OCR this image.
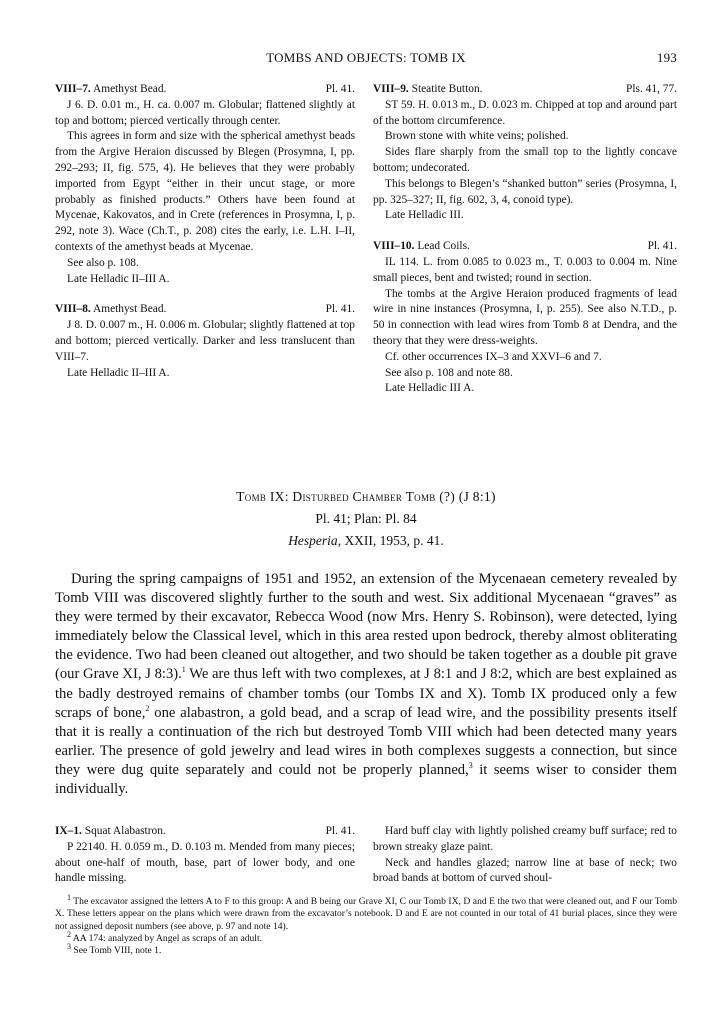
TOMBS AND OBJECTS: TOMB IX	193
VIII–7. Amethyst Bead.	Pl. 41.
J 6. D. 0.01 m., H. ca. 0.007 m. Globular; flattened slightly at top and bottom; pierced vertically through center.
This agrees in form and size with the spherical amethyst beads from the Argive Heraion discussed by Blegen (Prosymna, I, pp. 292–293; II, fig. 575, 4). He believes that they were probably imported from Egypt “either in their uncut stage, or more probably as finished products.” Others have been found at Mycenae, Kakovatos, and in Crete (references in Prosymna, I, p. 292, note 3). Wace (Ch.T., p. 208) cites the early, i.e. L.H. I–II, contexts of the amethyst beads at Mycenae.
See also p. 108.
Late Helladic II–III A.
VIII–8. Amethyst Bead.	Pl. 41.
J 8. D. 0.007 m., H. 0.006 m. Globular; slightly flattened at top and bottom; pierced vertically. Darker and less translucent than VIII–7.
Late Helladic II–III A.
VIII–9. Steatite Button.	Pls. 41, 77.
ST 59. H. 0.013 m., D. 0.023 m. Chipped at top and around part of the bottom circumference.
Brown stone with white veins; polished.
Sides flare sharply from the small top to the lightly concave bottom; undecorated.
This belongs to Blegen’s “shanked button” series (Prosymna, I, pp. 325–327; II, fig. 602, 3, 4, conoid type).
Late Helladic III.
VIII–10. Lead Coils.	Pl. 41.
IL 114. L. from 0.085 to 0.023 m., T. 0.003 to 0.004 m. Nine small pieces, bent and twisted; round in section.
The tombs at the Argive Heraion produced fragments of lead wire in nine instances (Prosymna, I, p. 255). See also N.T.D., p. 50 in connection with lead wires from Tomb 8 at Dendra, and the theory that they were dress-weights.
Cf. other occurrences IX–3 and XXVI–6 and 7.
See also p. 108 and note 88.
Late Helladic III A.
Tomb IX: Disturbed Chamber Tomb (?) (J 8:1)
Pl. 41; Plan: Pl. 84
Hesperia, XXII, 1953, p. 41.
During the spring campaigns of 1951 and 1952, an extension of the Mycenaean cemetery revealed by Tomb VIII was discovered slightly further to the south and west. Six additional Mycenaean “graves” as they were termed by their excavator, Rebecca Wood (now Mrs. Henry S. Robinson), were detected, lying immediately below the Classical level, which in this area rested upon bedrock, thereby almost obliterating the evidence. Two had been cleaned out altogether, and two should be taken together as a double pit grave (our Grave XI, J 8:3).$^1$ We are thus left with two complexes, at J 8:1 and J 8:2, which are best explained as the badly destroyed remains of chamber tombs (our Tombs IX and X). Tomb IX produced only a few scraps of bone,$^2$ one alabastron, a gold bead, and a scrap of lead wire, and the possibility presents itself that it is really a continuation of the rich but destroyed Tomb VIII which had been detected many years earlier. The presence of gold jewelry and lead wires in both complexes suggests a connection, but since they were dug quite separately and could not be properly planned,$^3$ it seems wiser to consider them individually.
IX–1. Squat Alabastron.	Pl. 41.
P 22140. H. 0.059 m., D. 0.103 m. Mended from many pieces; about one-half of mouth, base, part of lower body, and one handle missing.
Hard buff clay with lightly polished creamy buff surface; red to brown streaky glaze paint.
Neck and handles glazed; narrow line at base of neck; two broad bands at bottom of curved shoul-
$^1$ The excavator assigned the letters A to F to this group: A and B being our Grave XI, C our Tomb IX, D and E the two that were cleaned out, and F our Tomb X. These letters appear on the plans which were drawn from the excavator’s notebook. D and E are not counted in our total of 41 burial places, since they were not assigned deposit numbers (see above, p. 97 and note 14).
$^2$ AA 174: analyzed by Angel as scraps of an adult.
$^3$ See Tomb VIII, note 1.
